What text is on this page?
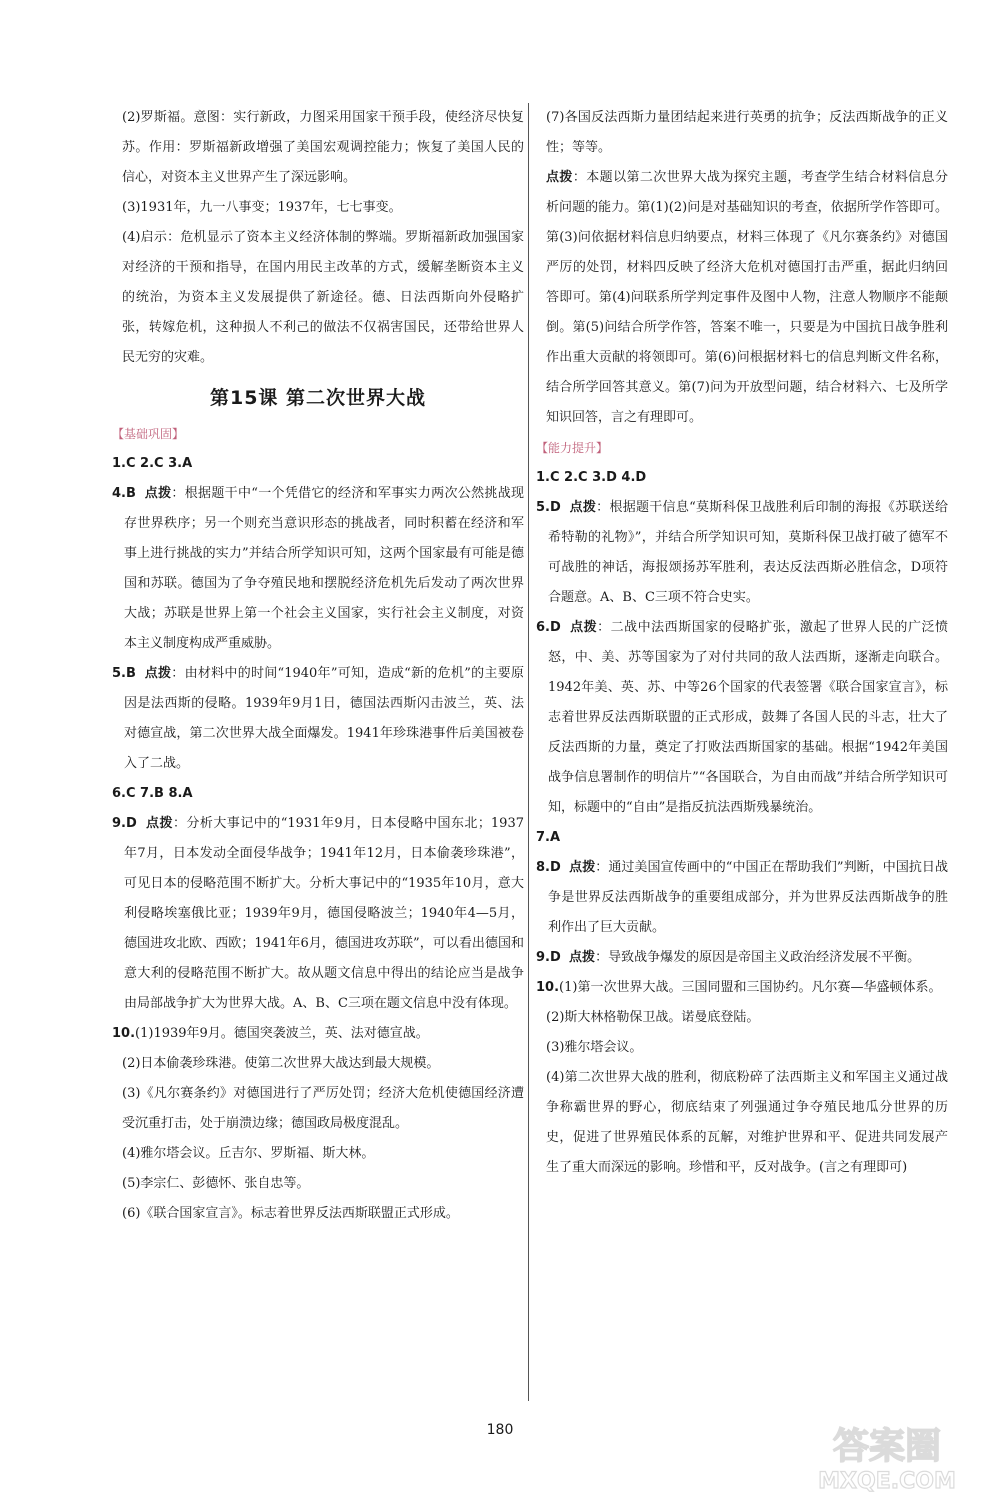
(2)罗斯福。意图：实行新政，力图采用国家干预手段，使经济尽快复苏。作用：罗斯福新政增强了美国宏观调控能力；恢复了美国人民的信心，对资本主义世界产生了深远影响。

(3)1931年，九一八事变；1937年，七七事变。

(4)启示：危机显示了资本主义经济体制的弊端。罗斯福新政加强国家对经济的干预和指导，在国内用民主改革的方式，缓解垄断资本主义的统治，为资本主义发展提供了新途径。德、日法西斯向外侵略扩张，转嫁危机，这种损人不利己的做法不仅祸害国民，还带给世界人民无穷的灾难。

第15课 第二次世界大战
【基础巩固】

1.C 2.C 3.A

4.B 点拨：根据题干中“一个凭借它的经济和军事实力两次公然挑战现存世界秩序；另一个则充当意识形态的挑战者，同时积蓄在经济和军事上进行挑战的实力”并结合所学知识可知，这两个国家最有可能是德国和苏联。德国为了争夺殖民地和摆脱经济危机先后发动了两次世界大战；苏联是世界上第一个社会主义国家，实行社会主义制度，对资本主义制度构成严重威胁。

5.B 点拨：由材料中的时间“1940年”可知，造成“新的危机”的主要原因是法西斯的侵略。1939年9月1日，德国法西斯闪击波兰，英、法对德宣战，第二次世界大战全面爆发。1941年珍珠港事件后美国被卷入了二战。

6.C 7.B 8.A

9.D 点拨：分析大事记中的“1931年9月，日本侵略中国东北；1937年7月，日本发动全面侵华战争；1941年12月，日本偷袭珍珠港”，可见日本的侵略范围不断扩大。分析大事记中的“1935年10月，意大利侵略埃塞俄比亚；1939年9月，德国侵略波兰；1940年4—5月，德国进攻北欧、西欧；1941年6月，德国进攻苏联”，可以看出德国和意大利的侵略范围不断扩大。故从题文信息中得出的结论应当是战争由局部战争扩大为世界大战。A、B、C三项在题文信息中没有体现。

10.(1)1939年9月。德国突袭波兰，英、法对德宣战。

(2)日本偷袭珍珠港。使第二次世界大战达到最大规模。

(3)《凡尔赛条约》对德国进行了严厉处罚；经济大危机使德国经济遭受沉重打击，处于崩溃边缘；德国政局极度混乱。

(4)雅尔塔会议。丘吉尔、罗斯福、斯大林。

(5)李宗仁、彭德怀、张自忠等。

(6)《联合国家宣言》。标志着世界反法西斯联盟正式形成。

(7)各国反法西斯力量团结起来进行英勇的抗争；反法西斯战争的正义性；等等。

点拨：本题以第二次世界大战为探究主题，考查学生结合材料信息分析问题的能力。第(1)(2)问是对基础知识的考查，依据所学作答即可。第(3)问依据材料信息归纳要点，材料三体现了《凡尔赛条约》对德国严厉的处罚，材料四反映了经济大危机对德国打击严重，据此归纳回答即可。第(4)问联系所学判定事件及图中人物，注意人物顺序不能颠倒。第(5)问结合所学作答，答案不唯一，只要是为中国抗日战争胜利作出重大贡献的将领即可。第(6)问根据材料七的信息判断文件名称，结合所学回答其意义。第(7)问为开放型问题，结合材料六、七及所学知识回答，言之有理即可。

【能力提升】

1.C 2.C 3.D 4.D

5.D 点拨：根据题干信息“莫斯科保卫战胜利后印制的海报《苏联送给希特勒的礼物》”，并结合所学知识可知，莫斯科保卫战打破了德军不可战胜的神话，海报颂扬苏军胜利，表达反法西斯必胜信念，D项符合题意。A、B、C三项不符合史实。

6.D 点拨：二战中法西斯国家的侵略扩张，激起了世界人民的广泛愤怒，中、美、苏等国家为了对付共同的敌人法西斯，逐渐走向联合。1942年美、英、苏、中等26个国家的代表签署《联合国家宣言》，标志着世界反法西斯联盟的正式形成，鼓舞了各国人民的斗志，壮大了反法西斯的力量，奠定了打败法西斯国家的基础。根据“1942年美国战争信息署制作的明信片”“各国联合，为自由而战”并结合所学知识可知，标题中的“自由”是指反抗法西斯残暴统治。

7.A

8.D 点拨：通过美国宣传画中的“中国正在帮助我们”判断，中国抗日战争是世界反法西斯战争的重要组成部分，并为世界反法西斯战争的胜利作出了巨大贡献。

9.D 点拨：导致战争爆发的原因是帝国主义政治经济发展不平衡。

10.(1)第一次世界大战。三国同盟和三国协约。凡尔赛—华盛顿体系。

(2)斯大林格勒保卫战。诺曼底登陆。

(3)雅尔塔会议。

(4)第二次世界大战的胜利，彻底粉碎了法西斯主义和军国主义通过战争称霸世界的野心，彻底结束了列强通过争夺殖民地瓜分世界的历史，促进了世界殖民体系的瓦解，对维护世界和平、促进共同发展产生了重大而深远的影响。珍惜和平，反对战争。(言之有理即可)

180	答案圈
MXQE.COM
